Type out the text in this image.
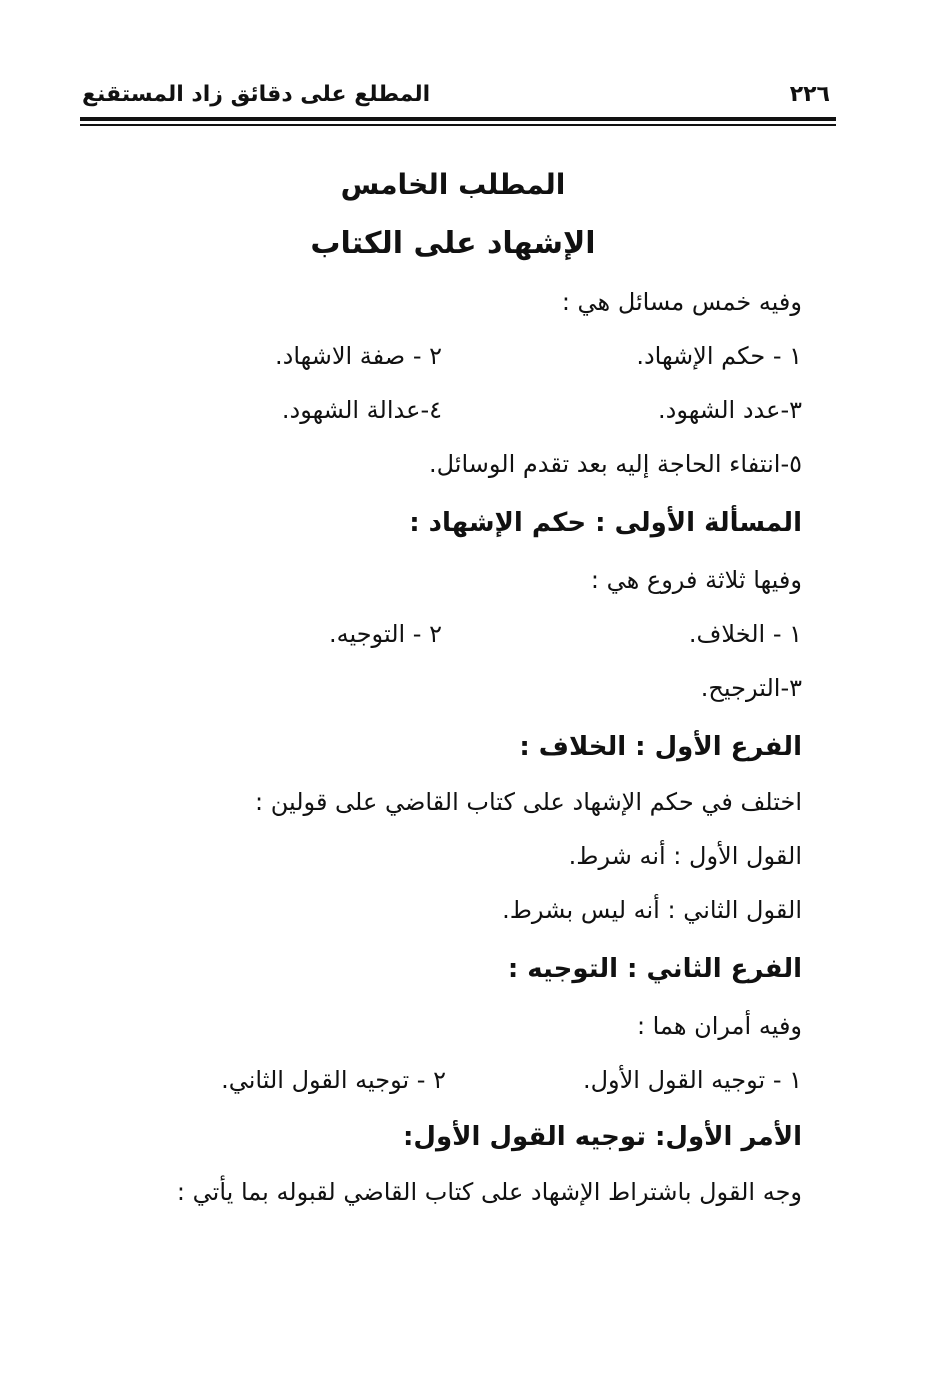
المطلع على دقائق زاد المستقنع	٢٢٦
المطلب الخامس
الإشهاد على الكتاب
وفيه خمس مسائل هي :
١ - حكم الإشهاد.
٢ - صفة الاشهاد.
٣-عدد الشهود.
٤-عدالة الشهود.
٥-انتفاء الحاجة إليه بعد تقدم الوسائل.
المسألة الأولى : حكم الإشهاد :
وفيها ثلاثة فروع هي :
١ - الخلاف.
٢ - التوجيه.
٣-الترجيح.
الفرع الأول : الخلاف :
اختلف في حكم الإشهاد على كتاب القاضي على قولين :
القول الأول : أنه شرط.
القول الثاني : أنه ليس بشرط.
الفرع الثاني : التوجيه :
وفيه أمران هما :
١ - توجيه القول الأول.
٢ - توجيه القول الثاني.
الأمر الأول: توجيه القول الأول:
وجه القول باشتراط الإشهاد على كتاب القاضي لقبوله بما يأتي :
